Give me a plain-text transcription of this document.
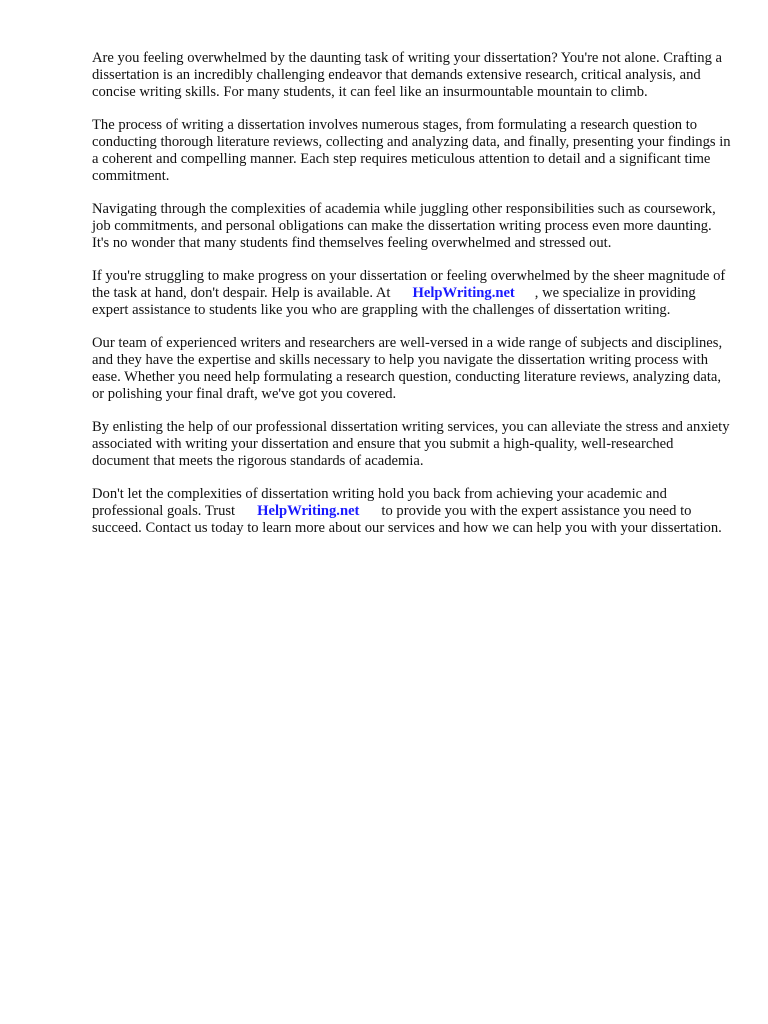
Are you feeling overwhelmed by the daunting task of writing your dissertation? You're not alone. Crafting a dissertation is an incredibly challenging endeavor that demands extensive research, critical analysis, and concise writing skills. For many students, it can feel like an insurmountable mountain to climb.

The process of writing a dissertation involves numerous stages, from formulating a research question to conducting thorough literature reviews, collecting and analyzing data, and finally, presenting your findings in a coherent and compelling manner. Each step requires meticulous attention to detail and a significant time commitment.

Navigating through the complexities of academia while juggling other responsibilities such as coursework, job commitments, and personal obligations can make the dissertation writing process even more daunting. It's no wonder that many students find themselves feeling overwhelmed and stressed out.

If you're struggling to make progress on your dissertation or feeling overwhelmed by the sheer magnitude of the task at hand, don't despair. Help is available. At HelpWriting.net , we specialize in providing expert assistance to students like you who are grappling with the challenges of dissertation writing.

Our team of experienced writers and researchers are well-versed in a wide range of subjects and disciplines, and they have the expertise and skills necessary to help you navigate the dissertation writing process with ease. Whether you need help formulating a research question, conducting literature reviews, analyzing data, or polishing your final draft, we've got you covered.

By enlisting the help of our professional dissertation writing services, you can alleviate the stress and anxiety associated with writing your dissertation and ensure that you submit a high-quality, well-researched document that meets the rigorous standards of academia.

Don't let the complexities of dissertation writing hold you back from achieving your academic and professional goals. Trust HelpWriting.net to provide you with the expert assistance you need to succeed. Contact us today to learn more about our services and how we can help you with your dissertation.
